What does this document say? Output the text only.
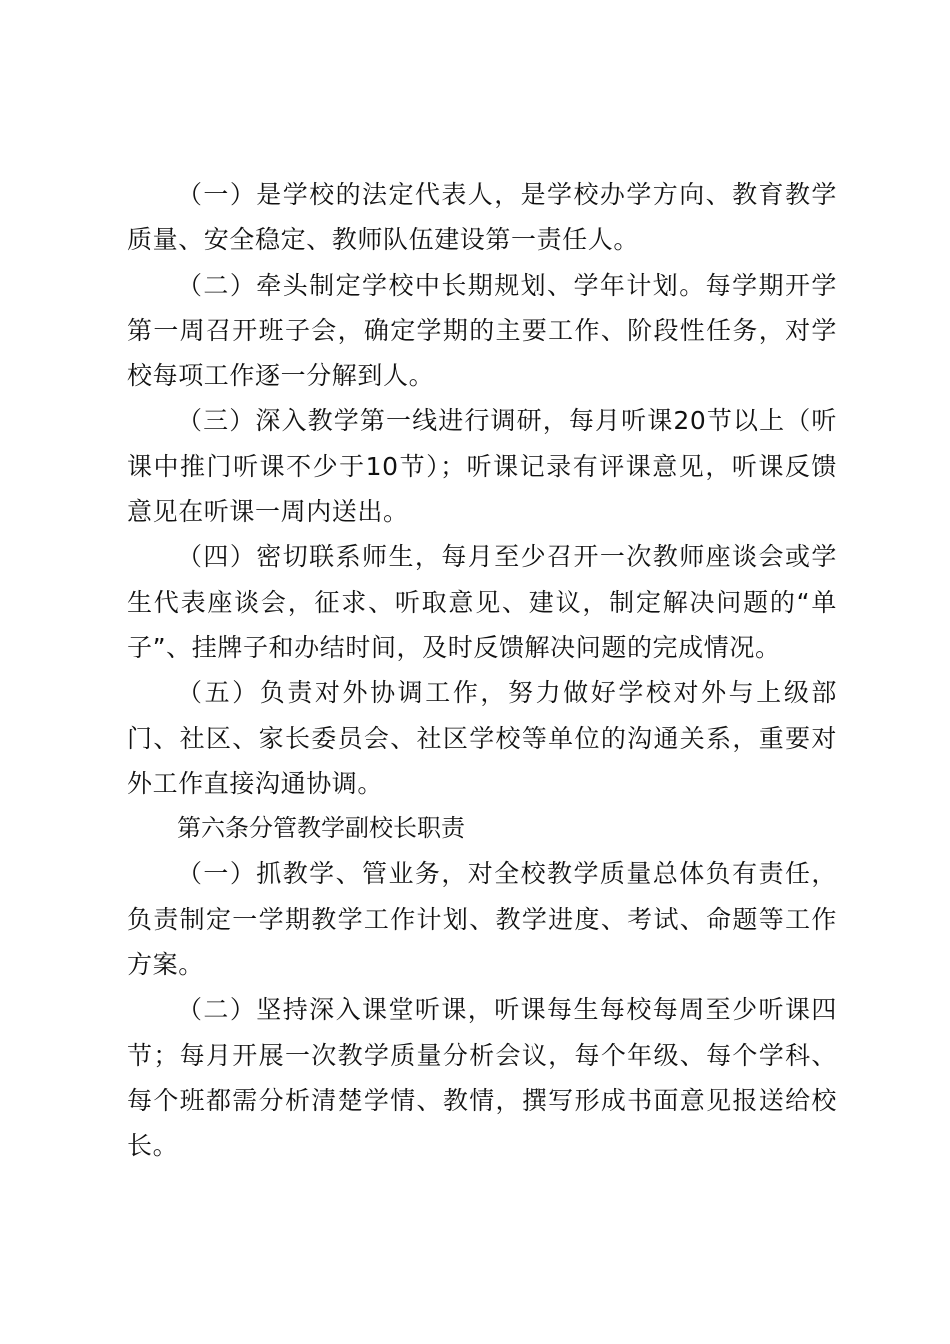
（一）是学校的法定代表人，是学校办学方向、教育教学质量、安全稳定、教师队伍建设第一责任人。

（二）牵头制定学校中长期规划、学年计划。每学期开学第一周召开班子会，确定学期的主要工作、阶段性任务，对学校每项工作逐一分解到人。

（三）深入教学第一线进行调研，每月听课20节以上（听课中推门听课不少于10节）；听课记录有评课意见，听课反馈意见在听课一周内送出。

（四）密切联系师生，每月至少召开一次教师座谈会或学生代表座谈会，征求、听取意见、建议，制定解决问题的“单子”、挂牌子和办结时间，及时反馈解决问题的完成情况。

（五）负责对外协调工作，努力做好学校对外与上级部门、社区、家长委员会、社区学校等单位的沟通关系，重要对外工作直接沟通协调。

第六条分管教学副校长职责

（一）抓教学、管业务，对全校教学质量总体负有责任，负责制定一学期教学工作计划、教学进度、考试、命题等工作方案。

（二）坚持深入课堂听课，听课每生每校每周至少听课四节；每月开展一次教学质量分析会议，每个年级、每个学科、每个班都需分析清楚学情、教情，撰写形成书面意见报送给校长。
